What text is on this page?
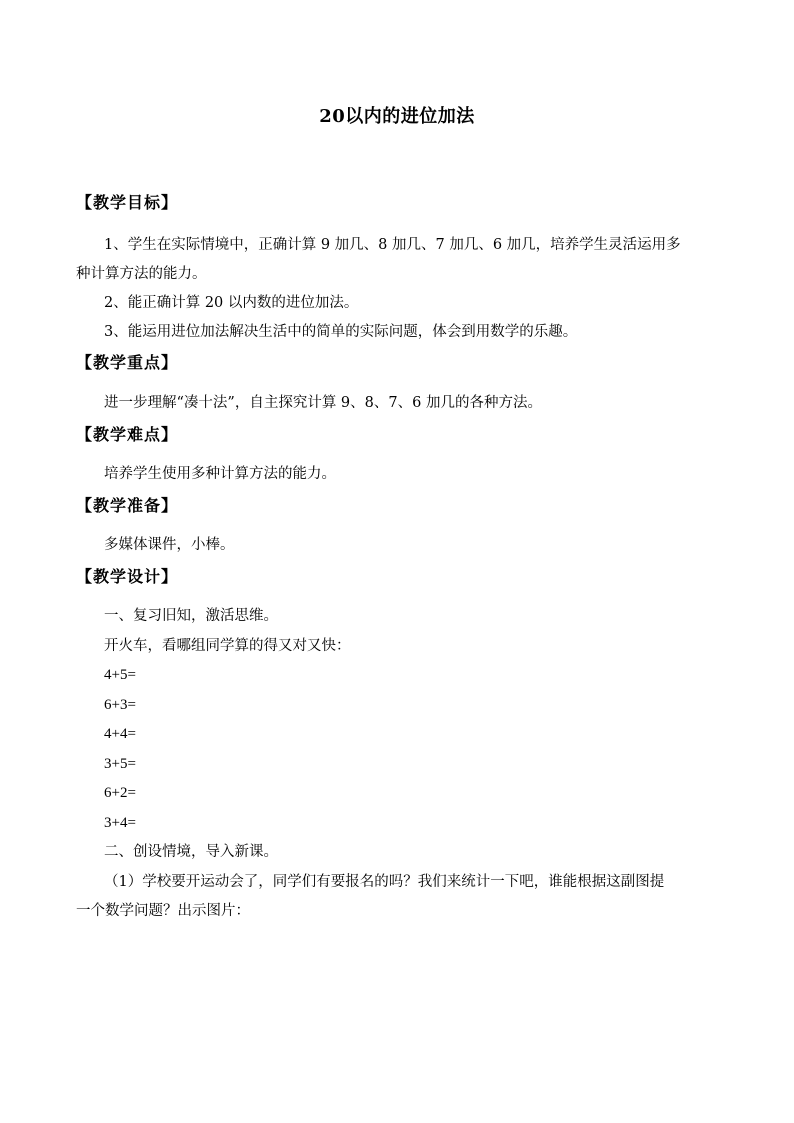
20以内的进位加法
【教学目标】
1、学生在实际情境中，正确计算 9 加几、8 加几、7 加几、6 加几，培养学生灵活运用多
种计算方法的能力。
2、能正确计算 20 以内数的进位加法。
3、能运用进位加法解决生活中的简单的实际问题，体会到用数学的乐趣。
【教学重点】
进一步理解“凑十法”，自主探究计算 9、8、7、6 加几的各种方法。
【教学难点】
培养学生使用多种计算方法的能力。
【教学准备】
多媒体课件，小棒。
【教学设计】
一、复习旧知，激活思维。
开火车，看哪组同学算的得又对又快：
4+5=
6+3=
4+4=
3+5=
6+2=
3+4=
二、创设情境，导入新课。
（1）学校要开运动会了，同学们有要报名的吗？我们来统计一下吧，谁能根据这副图提
一个数学问题？出示图片：
